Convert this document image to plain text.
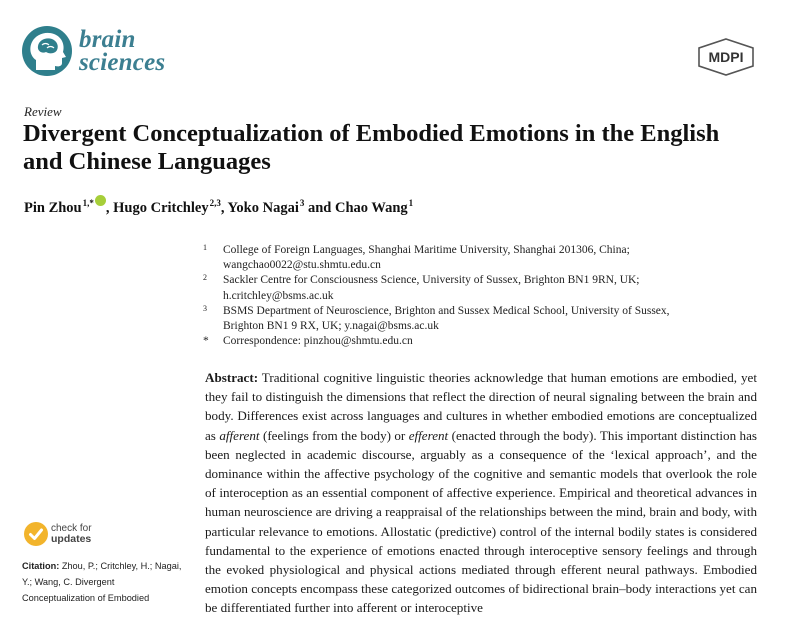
brain
sciences	MDPI
Review
Divergent Conceptualization of Embodied Emotions in the English and Chinese Languages
Pin Zhou$^{1,*}$ , Hugo Critchley$^{2,3}$, Yoko Nagai$^3$ and Chao Wang$^1$
1 College of Foreign Languages, Shanghai Maritime University, Shanghai 201306, China;
wangchao0022@stu.shmtu.edu.cn
2 Sackler Centre for Consciousness Science, University of Sussex, Brighton BN1 9RN, UK;
h.critchley@bsms.ac.uk
3 BSMS Department of Neuroscience, Brighton and Sussex Medical School, University of Sussex,
Brighton BN1 9 RX, UK; y.nagai@bsms.ac.uk
* Correspondence: pinzhou@shmtu.edu.cn
Abstract: Traditional cognitive linguistic theories acknowledge that human emotions are embodied, yet they fail to distinguish the dimensions that reflect the direction of neural signaling between the brain and body. Differences exist across languages and cultures in whether embodied emotions are conceptualized as afferent (feelings from the body) or efferent (enacted through the body). This important distinction has been neglected in academic discourse, arguably as a consequence of the ‘lexical approach’, and the dominance within the affective psychology of the cognitive and semantic models that overlook the role of interoception as an essential component of affective experience. Empirical and theoretical advances in human neuroscience are driving a reappraisal of the relationships between the mind, brain and body, with particular relevance to emotions. Allostatic (predictive) control of the internal bodily states is considered fundamental to the experience of emotions enacted through interoceptive sensory feelings and through the evoked physiological and physical actions mediated through efferent neural pathways. Embodied emotion concepts encompass these categorized outcomes of bidirectional brain–body interactions yet can be differentiated further into afferent or interoceptive
check for
updates
Citation: Zhou, P.; Critchley, H.; Nagai, Y.; Wang, C. Divergent Conceptualization of Embodied
